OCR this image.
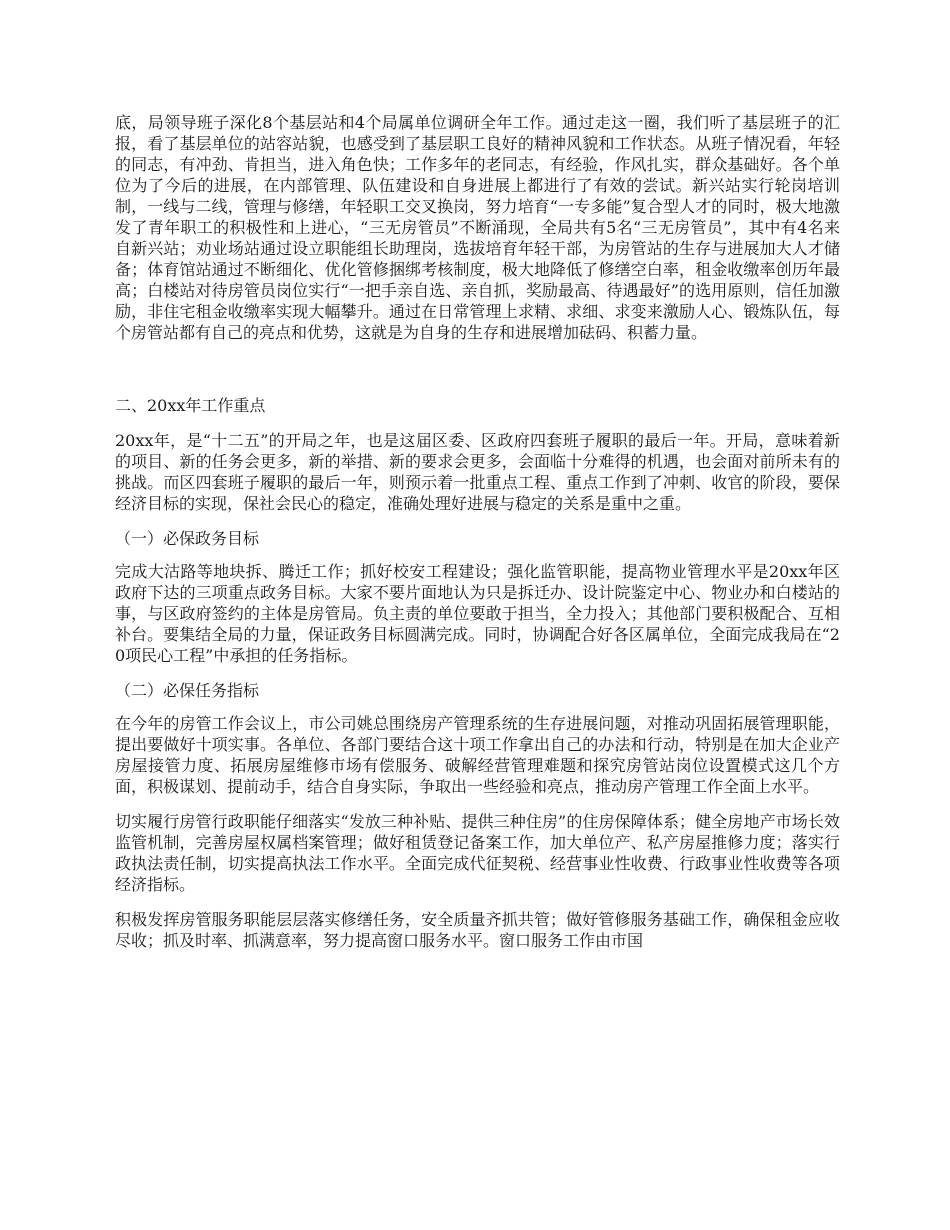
底，局领导班子深化8个基层站和4个局属单位调研全年工作。通过走这一圈，我们听了基层班子的汇报，看了基层单位的站容站貌，也感受到了基层职工良好的精神风貌和工作状态。从班子情况看，年轻的同志，有冲劲、肯担当，进入角色快；工作多年的老同志，有经验，作风扎实，群众基础好。各个单位为了今后的进展，在内部管理、队伍建设和自身进展上都进行了有效的尝试。新兴站实行轮岗培训制，一线与二线，管理与修缮，年轻职工交叉换岗，努力培育“一专多能”复合型人才的同时，极大地激发了青年职工的积极性和上进心，“三无房管员”不断涌现，全局共有5名“三无房管员”，其中有4名来自新兴站；劝业场站通过设立职能组长助理岗，选拔培育年轻干部，为房管站的生存与进展加大人才储备；体育馆站通过不断细化、优化管修捆绑考核制度，极大地降低了修缮空白率，租金收缴率创历年最高；白楼站对待房管员岗位实行“一把手亲自选、亲自抓，奖励最高、待遇最好”的选用原则，信任加激励，非住宅租金收缴率实现大幅攀升。通过在日常管理上求精、求细、求变来激励人心、锻炼队伍，每个房管站都有自己的亮点和优势，这就是为自身的生存和进展增加砝码、积蓄力量。

二、20xx年工作重点

20xx年，是“十二五”的开局之年，也是这届区委、区政府四套班子履职的最后一年。开局，意味着新的项目、新的任务会更多，新的举措、新的要求会更多，会面临十分难得的机遇，也会面对前所未有的挑战。而区四套班子履职的最后一年，则预示着一批重点工程、重点工作到了冲刺、收官的阶段，要保经济目标的实现，保社会民心的稳定，准确处理好进展与稳定的关系是重中之重。

（一）必保政务目标

完成大沽路等地块拆、腾迁工作；抓好校安工程建设；强化监管职能，提高物业管理水平是20xx年区政府下达的三项重点政务目标。大家不要片面地认为只是拆迁办、设计院鉴定中心、物业办和白楼站的事，与区政府签约的主体是房管局。负主责的单位要敢于担当，全力投入；其他部门要积极配合、互相补台。要集结全局的力量，保证政务目标圆满完成。同时，协调配合好各区属单位，全面完成我局在“20项民心工程”中承担的任务指标。

（二）必保任务指标

在今年的房管工作会议上，市公司姚总围绕房产管理系统的生存进展问题，对推动巩固拓展管理职能，提出要做好十项实事。各单位、各部门要结合这十项工作拿出自己的办法和行动，特别是在加大企业产房屋接管力度、拓展房屋维修市场有偿服务、破解经营管理难题和探究房管站岗位设置模式这几个方面，积极谋划、提前动手，结合自身实际，争取出一些经验和亮点，推动房产管理工作全面上水平。

切实履行房管行政职能仔细落实“发放三种补贴、提供三种住房”的住房保障体系；健全房地产市场长效监管机制，完善房屋权属档案管理；做好租赁登记备案工作，加大单位产、私产房屋推修力度；落实行政执法责任制，切实提高执法工作水平。全面完成代征契税、经营事业性收费、行政事业性收费等各项经济指标。

积极发挥房管服务职能层层落实修缮任务，安全质量齐抓共管；做好管修服务基础工作，确保租金应收尽收；抓及时率、抓满意率，努力提高窗口服务水平。窗口服务工作由市国
